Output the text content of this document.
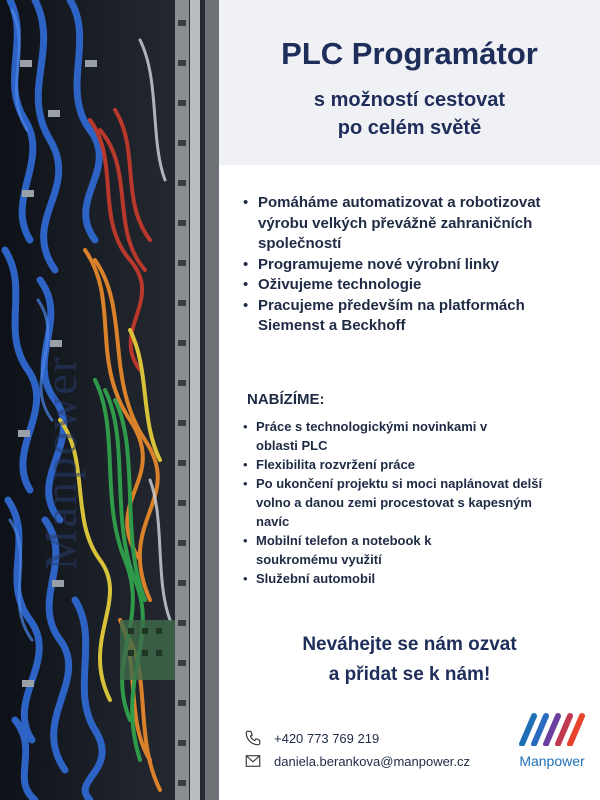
Manpower
PLC Programátor
s možností cestovat
po celém světě
• Pomáháme automatizovat a robotizovat výrobu velkých převážně zahraničních společností
• Programujeme nové výrobní linky
• Oživujeme technologie
• Pracujeme především na platformách Siemenst a Beckhoff
NABÍZÍME:
• Práce s technologickými novinkami v oblasti PLC
• Flexibilita rozvržení práce
• Po ukončení projektu si moci naplánovat delší volno a danou zemi procestovat s kapesným navíc
• Mobilní telefon a notebook k soukromému využití
• Služební automobil
Neváhejte se nám ozvat
a přidat se k nám!
+420 773 769 219
daniela.berankova@manpower.cz	Manpower
